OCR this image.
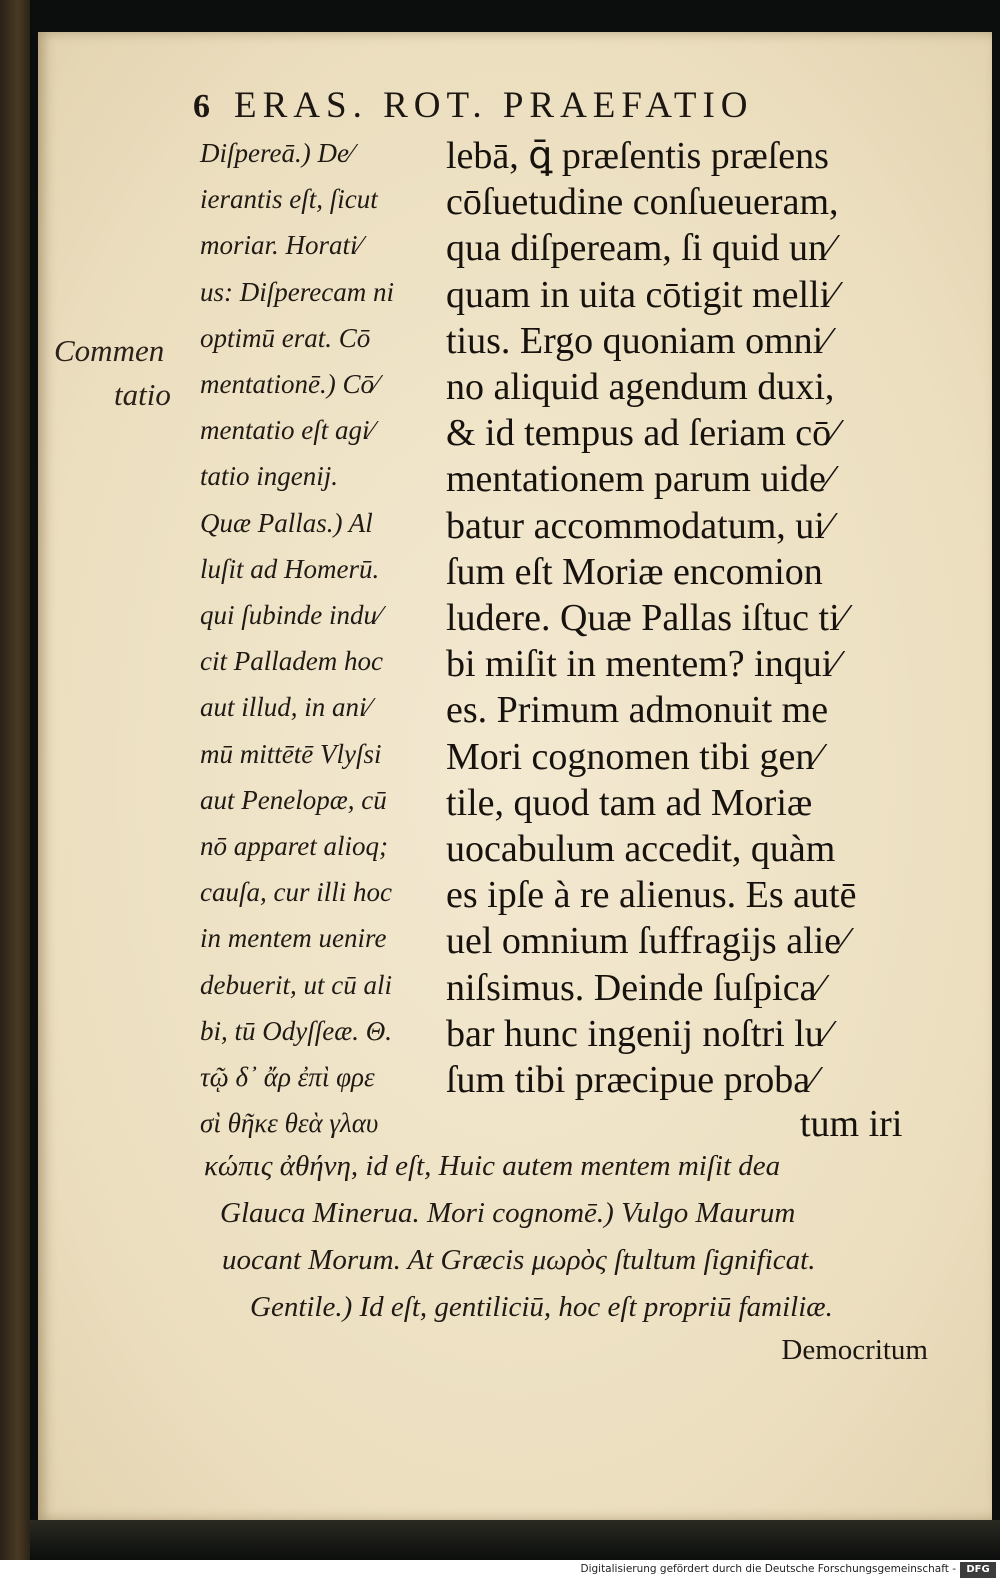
6 ERAS. ROT. PRAEFATIO
Commen
tatio
tum iri
κώπις ἀθήνη, id eſt, Huic autem mentem miſit dea
Glauca Minerua. Mori cognomē.) Vulgo Maurum
uocant Morum. At Græcis μωρὸς ſtultum ſignificat.
Gentile.) Id eſt, gentiliciū, hoc eſt propriū familiæ.
Democritum
Diſpereā.) De⁄
ierantis eſt, ſicut
moriar. Horati⁄
us: Diſperecam ni
optimū erat. Cō
mentationē.) Cō⁄
mentatio eſt agi⁄
tatio ingenij.
Quæ Pallas.) Al
luſit ad Homerū.
qui ſubinde indu⁄
cit Palladem hoc
aut illud, in ani⁄
mū mittētē Vlyſsi
aut Penelopæ, cū
nō apparet alioq;
cauſa, cur illi hoc
in mentem uenire
debuerit, ut cū ali
bi, tū Odyſſeæ. Θ.
τῷ δ᾽ ἄρ ἐπὶ φρε
σὶ θῆκε θεὰ γλαυ
lebā, ꝗ̄ præſentis præſens
cōſuetudine conſueueram,
qua diſpeream, ſi quid un⁄
quam in uita cōtigit melli⁄
tius. Ergo quoniam omni⁄
no aliquid agendum duxi,
& id tempus ad ſeriam cō⁄
mentationem parum uide⁄
batur accommodatum, ui⁄
ſum eſt Moriæ encomion
ludere. Quæ Pallas iſtuc ti⁄
bi miſit in mentem? inqui⁄
es. Primum admonuit me
Mori cognomen tibi gen⁄
tile, quod tam ad Moriæ
uocabulum accedit, quàm
es ipſe à re alienus. Es autē
uel omnium ſuffragijs alie⁄
niſsimus. Deinde ſuſpica⁄
bar hunc ingenij noſtri lu⁄
ſum tibi præcipue proba⁄
Digitalisierung gefördert durch die Deutsche Forschungsgemeinschaft -	DFG
